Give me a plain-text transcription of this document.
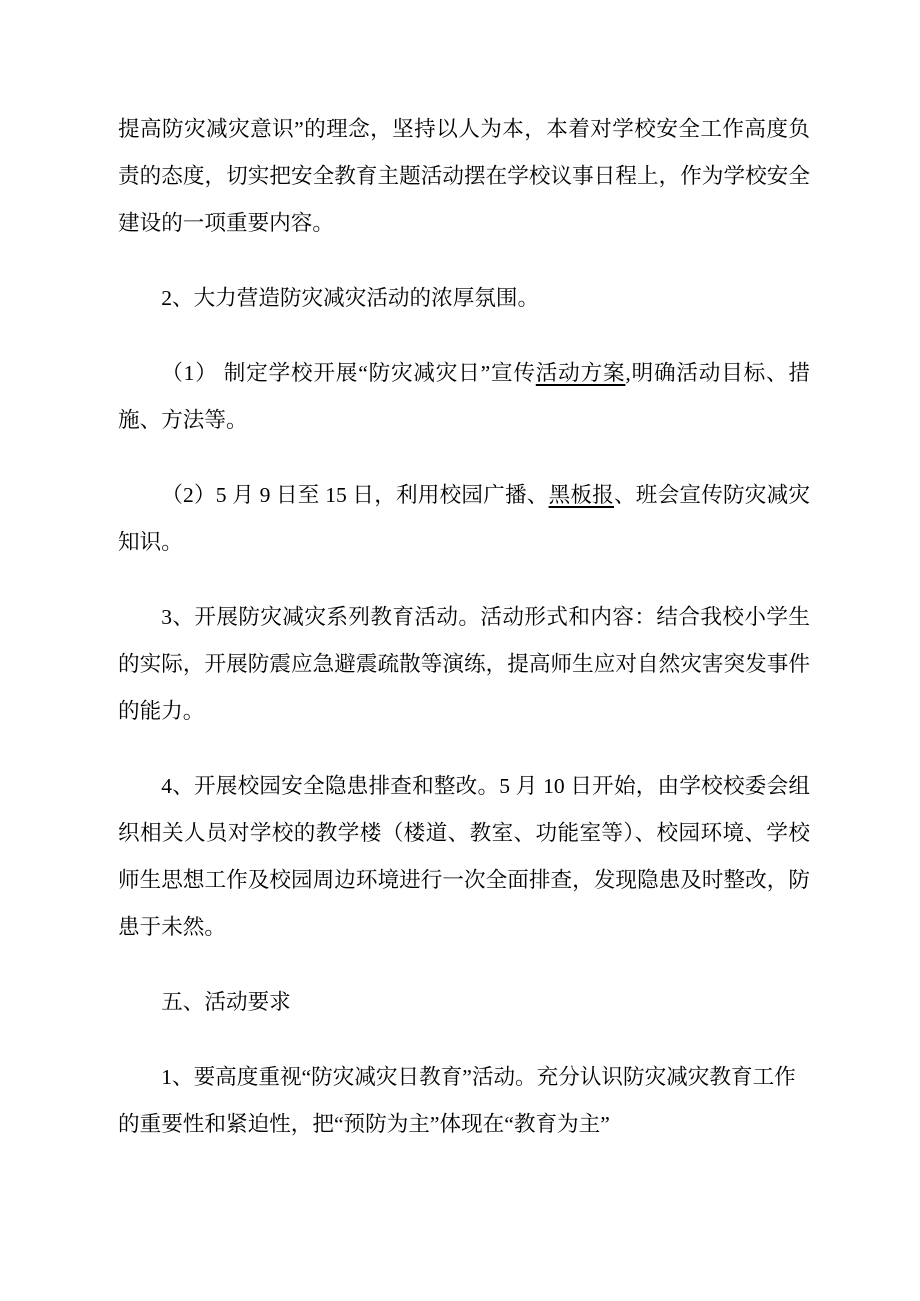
提高防灾减灾意识”的理念，坚持以人为本，本着对学校安全工作高度负责的态度，切实把安全教育主题活动摆在学校议事日程上，作为学校安全建设的一项重要内容。

2、大力营造防灾减灾活动的浓厚氛围。

（1） 制定学校开展“防灾减灾日”宣传活动方案,明确活动目标、措施、方法等。

（2）5 月 9 日至 15 日，利用校园广播、黑板报、班会宣传防灾减灾知识。

3、开展防灾减灾系列教育活动。活动形式和内容：结合我校小学生的实际，开展防震应急避震疏散等演练，提高师生应对自然灾害突发事件的能力。

4、开展校园安全隐患排查和整改。5 月 10 日开始，由学校校委会组织相关人员对学校的教学楼（楼道、教室、功能室等）、校园环境、学校师生思想工作及校园周边环境进行一次全面排查，发现隐患及时整改，防患于未然。

五、活动要求

1、要高度重视“防灾减灾日教育”活动。充分认识防灾减灾教育工作的重要性和紧迫性，把“预防为主”体现在“教育为主”
